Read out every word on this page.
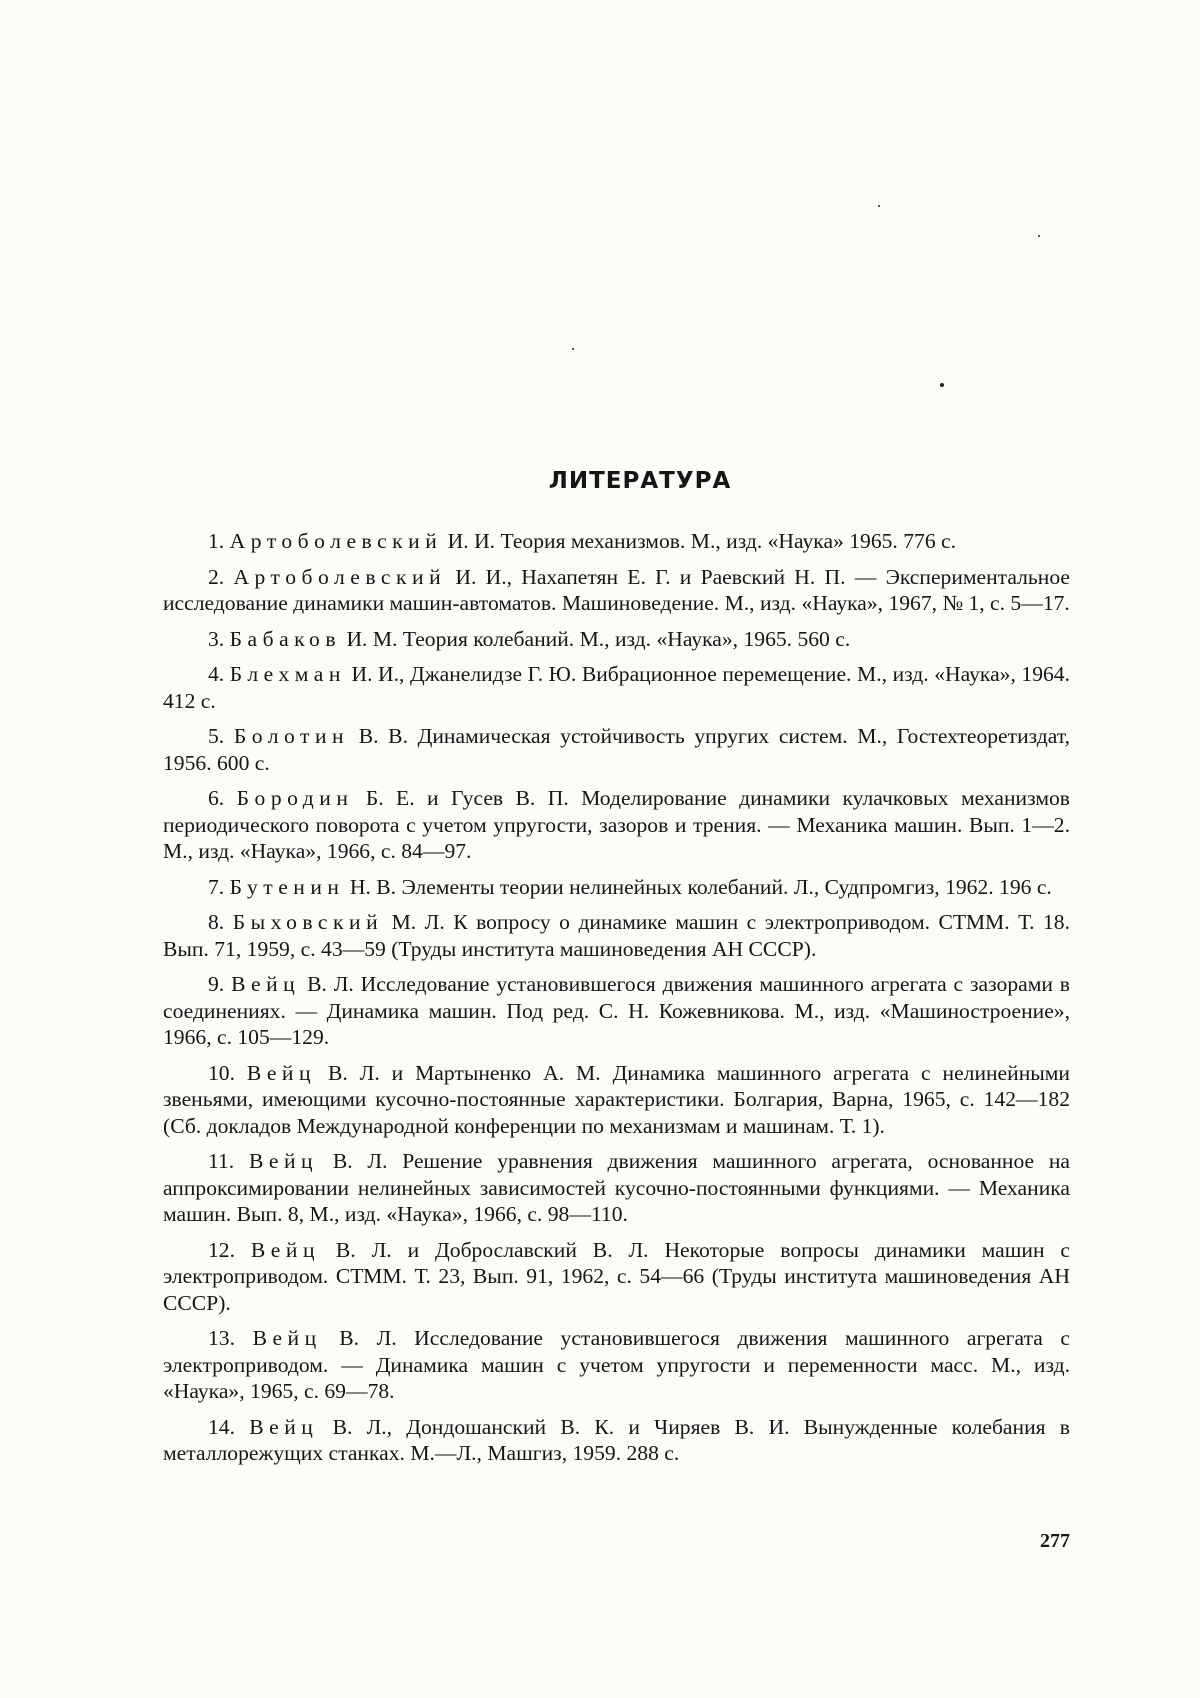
ЛИТЕРАТУРА
1. Артоболевский И. И. Теория механизмов. М., изд. «Наука» 1965. 776 с.
2. Артоболевский И. И., Нахапетян Е. Г. и Раевский Н. П. — Экспериментальное исследование динамики машин-автоматов. Машиноведение. М., изд. «Наука», 1967, № 1, с. 5—17.
3. Бабаков И. М. Теория колебаний. М., изд. «Наука», 1965. 560 с.
4. Блехман И. И., Джанелидзе Г. Ю. Вибрационное перемещение. М., изд. «Наука», 1964. 412 с.
5. Болотин В. В. Динамическая устойчивость упругих систем. М., Гостехтеоретиздат, 1956. 600 с.
6. Бородин Б. Е. и Гусев В. П. Моделирование динамики кулачковых механизмов периодического поворота с учетом упругости, зазоров и трения. — Механика машин. Вып. 1—2. М., изд. «Наука», 1966, с. 84—97.
7. Бутенин Н. В. Элементы теории нелинейных колебаний. Л., Судпромгиз, 1962. 196 с.
8. Быховский М. Л. К вопросу о динамике машин с электроприводом. СТММ. Т. 18. Вып. 71, 1959, с. 43—59 (Труды института машиноведения АН СССР).
9. Вейц В. Л. Исследование установившегося движения машинного агрегата с зазорами в соединениях. — Динамика машин. Под ред. С. Н. Кожевникова. М., изд. «Машиностроение», 1966, с. 105—129.
10. Вейц В. Л. и Мартыненко А. М. Динамика машинного агрегата с нелинейными звеньями, имеющими кусочно-постоянные характеристики. Болгария, Варна, 1965, с. 142—182 (Сб. докладов Международной конференции по механизмам и машинам. Т. 1).
11. Вейц В. Л. Решение уравнения движения машинного агрегата, основанное на аппроксимировании нелинейных зависимостей кусочно-постоянными функциями. — Механика машин. Вып. 8, М., изд. «Наука», 1966, с. 98—110.
12. Вейц В. Л. и Доброславский В. Л. Некоторые вопросы динамики машин с электроприводом. СТММ. Т. 23, Вып. 91, 1962, с. 54—66 (Труды института машиноведения АН СССР).
13. Вейц В. Л. Исследование установившегося движения машинного агрегата с электроприводом. — Динамика машин с учетом упругости и переменности масс. М., изд. «Наука», 1965, с. 69—78.
14. Вейц В. Л., Дондошанский В. К. и Чиряев В. И. Вынужденные колебания в металлорежущих станках. М.—Л., Машгиз, 1959. 288 с.
277
